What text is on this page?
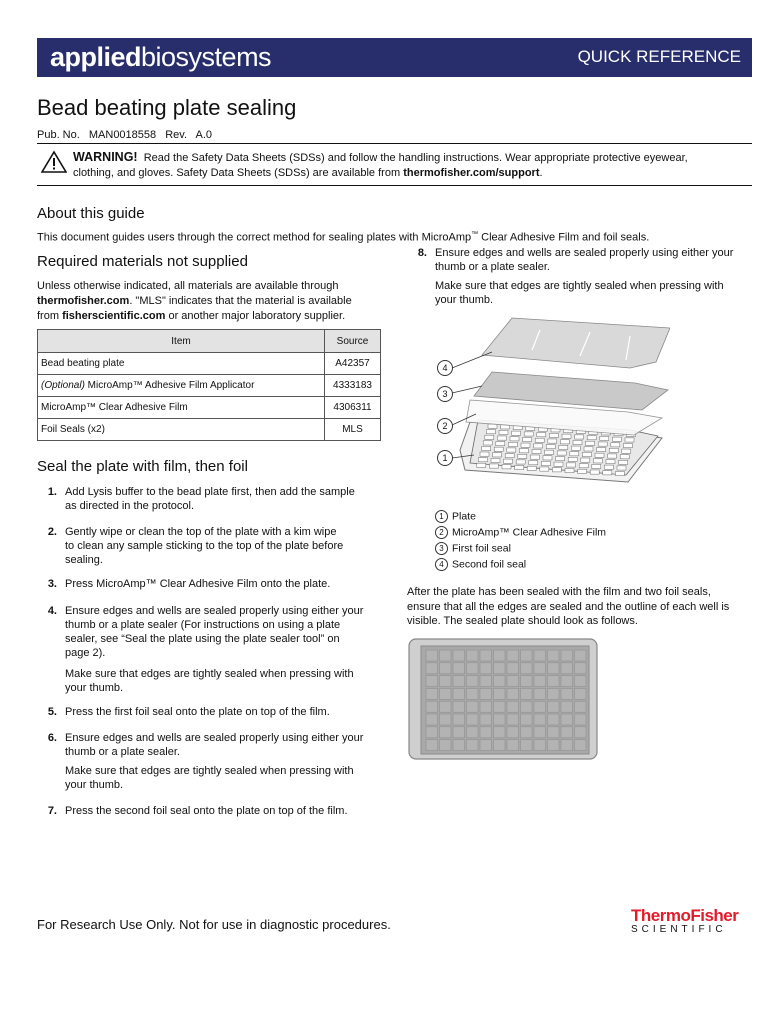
appliedbiosystems	QUICK REFERENCE
Bead beating plate sealing
Pub. No. MAN0018558 Rev. A.0
WARNING! Read the Safety Data Sheets (SDSs) and follow the handling instructions. Wear appropriate protective eyewear,
clothing, and gloves. Safety Data Sheets (SDSs) are available from thermofisher.com/support.
About this guide
This document guides users through the correct method for sealing plates with MicroAmp™ Clear Adhesive Film and foil seals.
Required materials not supplied
Unless otherwise indicated, all materials are available through
thermofisher.com. "MLS" indicates that the material is available
from fisherscientific.com or another major laboratory supplier.
Item	Source
Bead beating plate	A42357
(Optional) MicroAmp™ Adhesive Film Applicator	4333183
MicroAmp™ Clear Adhesive Film	4306311
Foil Seals (x2)	MLS
Seal the plate with film, then foil
1. Add Lysis buffer to the bead plate first, then add the sample
as directed in the protocol.
2. Gently wipe or clean the top of the plate with a kim wipe
to clean any sample sticking to the top of the plate before
sealing.
3. Press MicroAmp™ Clear Adhesive Film onto the plate.
4. Ensure edges and wells are sealed properly using either your
thumb or a plate sealer (For instructions on using a plate
sealer, see “Seal the plate using the plate sealer tool” on
page 2).
Make sure that edges are tightly sealed when pressing with
your thumb.
5. Press the first foil seal onto the plate on top of the film.
6. Ensure edges and wells are sealed properly using either your
thumb or a plate sealer.
Make sure that edges are tightly sealed when pressing with
your thumb.
7. Press the second foil seal onto the plate on top of the film.
8. Ensure edges and wells are sealed properly using either your
thumb or a plate sealer.
Make sure that edges are tightly sealed when pressing with
your thumb.
4
3
2
1
1 Plate
2 MicroAmp™ Clear Adhesive Film
3 First foil seal
4 Second foil seal
After the plate has been sealed with the film and two foil seals,
ensure that all the edges are sealed and the outline of each well is
visible. The sealed plate should look as follows.
For Research Use Only. Not for use in diagnostic procedures.	ThermoFisher
SCIENTIFIC
